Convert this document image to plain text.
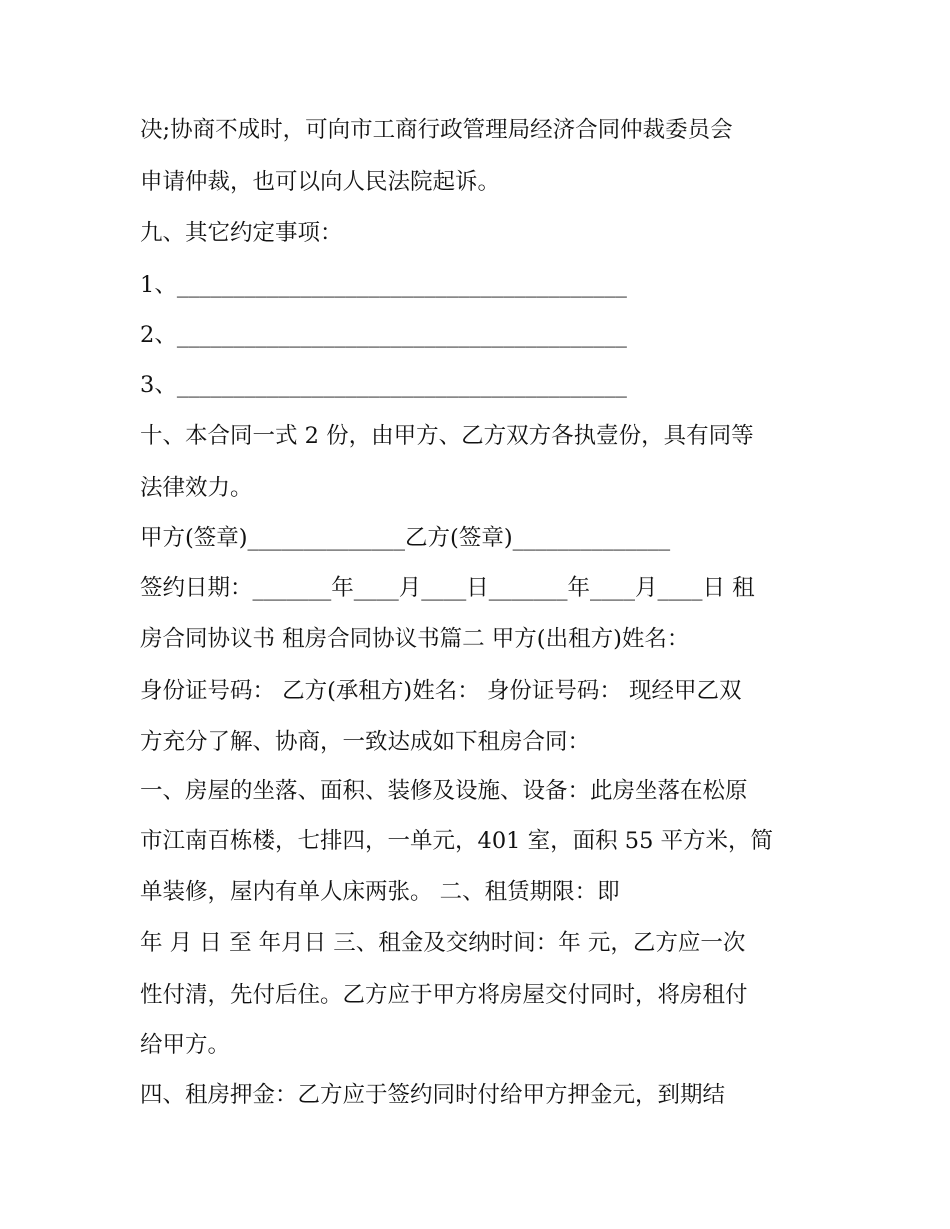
决;协商不成时，可向市工商行政管理局经济合同仲裁委员会
申请仲裁，也可以向人民法院起诉。
九、其它约定事项：
1、________________________________________
2、________________________________________
3、________________________________________
十、本合同一式 2 份，由甲方、乙方双方各执壹份，具有同等
法律效力。
甲方(签章)______________乙方(签章)______________
签约日期：_______年____月____日_______年____月____日 租
房合同协议书 租房合同协议书篇二 甲方(出租方)姓名：
身份证号码： 乙方(承租方)姓名： 身份证号码： 现经甲乙双
方充分了解、协商，一致达成如下租房合同：
一、房屋的坐落、面积、装修及设施、设备：此房坐落在松原
市江南百栋楼，七排四，一单元，401 室，面积 55 平方米，简
单装修，屋内有单人床两张。 二、租赁期限：即
年 月 日 至 年月日 三、租金及交纳时间：年 元，乙方应一次
性付清，先付后住。乙方应于甲方将房屋交付同时，将房租付
给甲方。
四、租房押金：乙方应于签约同时付给甲方押金元，到期结
